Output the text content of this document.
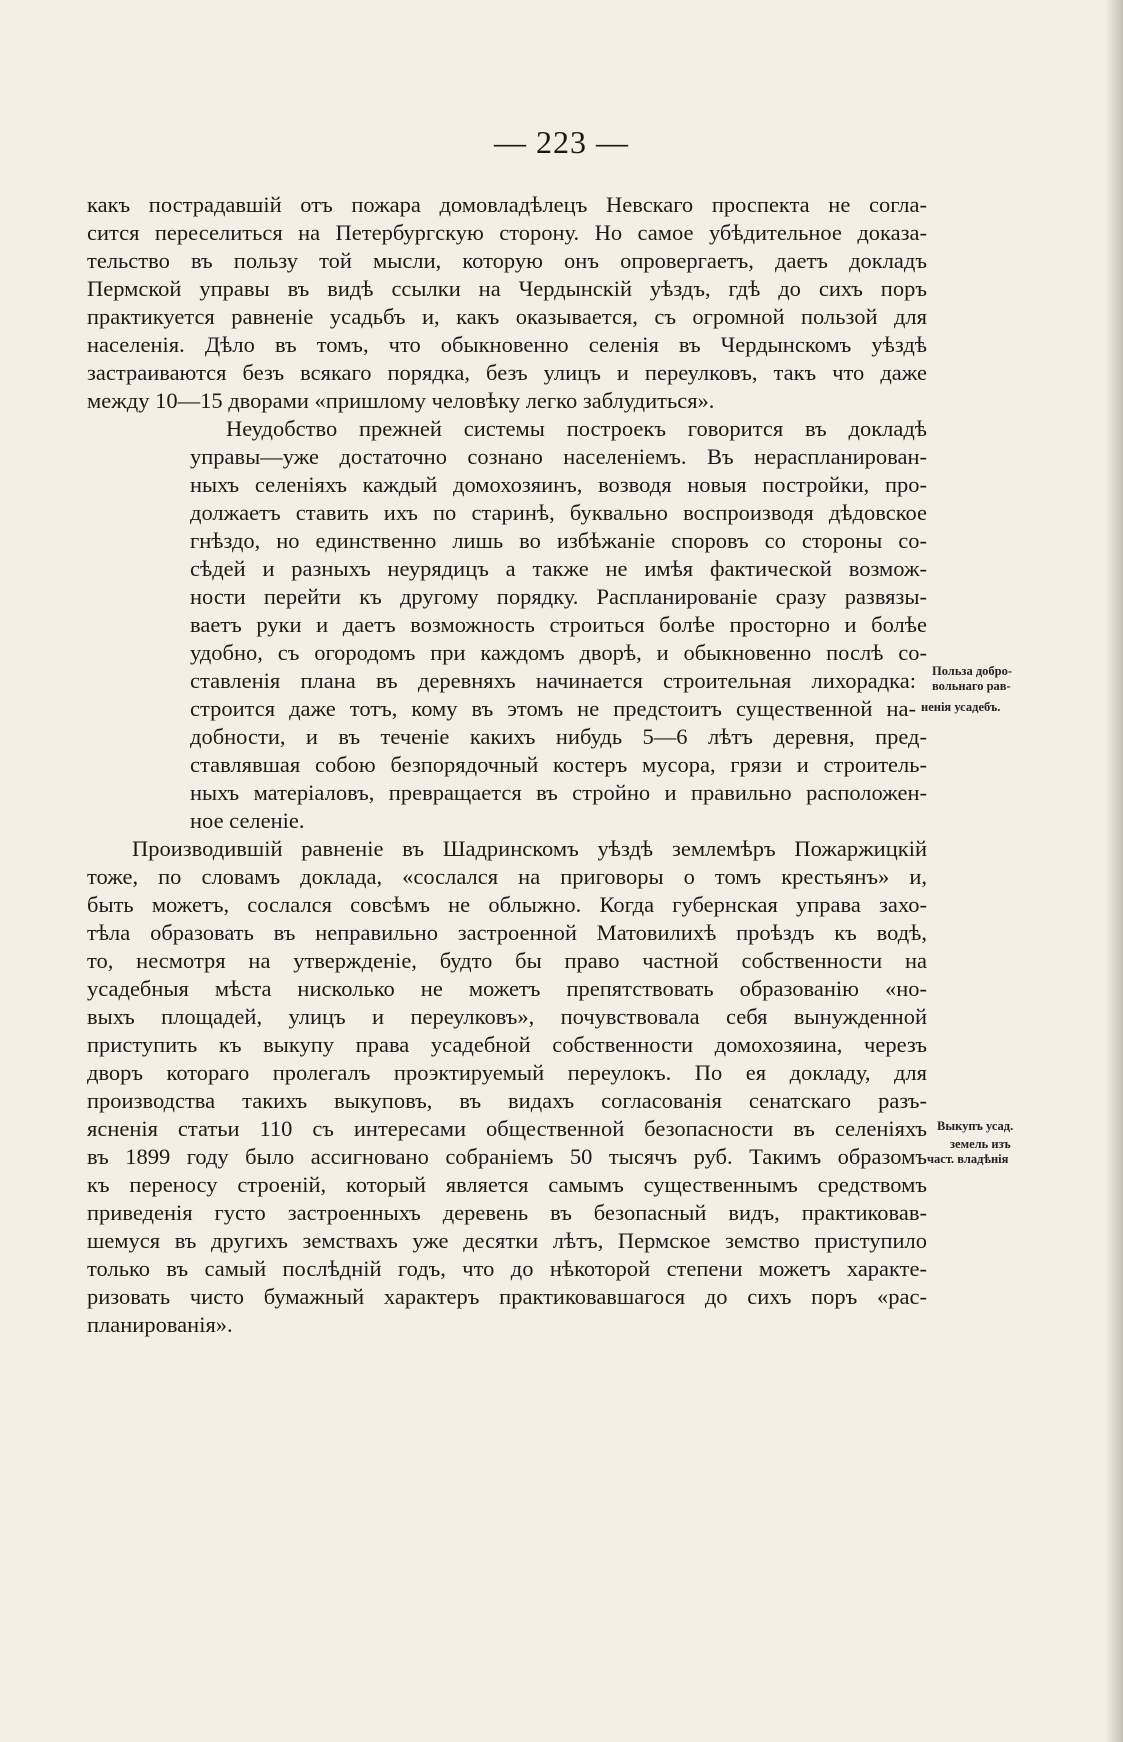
— 223 —
какъ пострадавшій отъ пожара домовладѣлецъ Невскаго проспекта не согла-
сится переселиться на Петербургскую сторону. Но самое убѣдительное доказа-
тельство въ пользу той мысли, которую онъ опровергаетъ, даетъ докладъ
Пермской управы въ видѣ ссылки на Чердынскій уѣздъ, гдѣ до сихъ поръ
практикуется равненіе усадьбъ и, какъ оказывается, съ огромной пользой для
населенія. Дѣло въ томъ, что обыкновенно селенія въ Чердынскомъ уѣздѣ
застраиваются безъ всякаго порядка, безъ улицъ и переулковъ, такъ что даже
между 10—15 дворами «пришлому человѣку легко заблудиться».
Неудобство прежней системы построекъ говорится въ докладѣ
управы—уже достаточно сознано населеніемъ. Въ нераспланирован-
ныхъ селеніяхъ каждый домохозяинъ, возводя новыя постройки, про-
должаетъ ставить ихъ по старинѣ, буквально воспроизводя дѣдовское
гнѣздо, но единственно лишь во избѣжаніе споровъ со стороны со-
сѣдей и разныхъ неурядицъ а также не имѣя фактической возмож-
ности перейти къ другому порядку. Распланированіе сразу развязы-
ваетъ руки и даетъ возможность строиться болѣе просторно и болѣе
удобно, съ огородомъ при каждомъ дворѣ, и обыкновенно послѣ со-
ставленія плана въ деревняхъ начинается строительная лихорадка:
строится даже тотъ, кому въ этомъ не предстоитъ существенной на-
добности, и въ теченіе какихъ нибудь 5—6 лѣтъ деревня, пред-
ставлявшая собою безпорядочный костеръ мусора, грязи и строитель-
ныхъ матеріаловъ, превращается въ стройно и правильно расположен-
ное селеніе.
Производившій равненіе въ Шадринскомъ уѣздѣ землемѣръ Пожаржицкій
тоже, по словамъ доклада, «сослался на приговоры о томъ крестьянъ» и,
быть можетъ, сослался совсѣмъ не облыжно. Когда губернская управа захо-
тѣла образовать въ неправильно застроенной Матовилихѣ проѣздъ къ водѣ,
то, несмотря на утвержденіе, будто бы право частной собственности на
усадебныя мѣста нисколько не можетъ препятствовать образованію «но-
выхъ площадей, улицъ и переулковъ», почувствовала себя вынужденной
приступить къ выкупу права усадебной собственности домохозяина, черезъ
дворъ котораго пролегалъ проэктируемый переулокъ. По ея докладу, для
производства такихъ выкуповъ, въ видахъ согласованія сенатскаго разъ-
ясненія статьи 110 съ интересами общественной безопасности въ селеніяхъ
въ 1899 году было ассигновано собраніемъ 50 тысячъ руб. Такимъ образомъ
къ переносу строеній, который является самымъ существеннымъ средствомъ
приведенія густо застроенныхъ деревень въ безопасный видъ, практиковав-
шемуся въ другихъ земствахъ уже десятки лѣтъ, Пермское земство приступило
только въ самый послѣдній годъ, что до нѣкоторой степени можетъ характе-
ризовать чисто бумажный характеръ практиковавшагося до сихъ поръ «рас-
планированія».
Польза добро-
вольнаго рав-
ненія усадебъ.
Выкупъ усад.
земель изъ
част. владѣнія
